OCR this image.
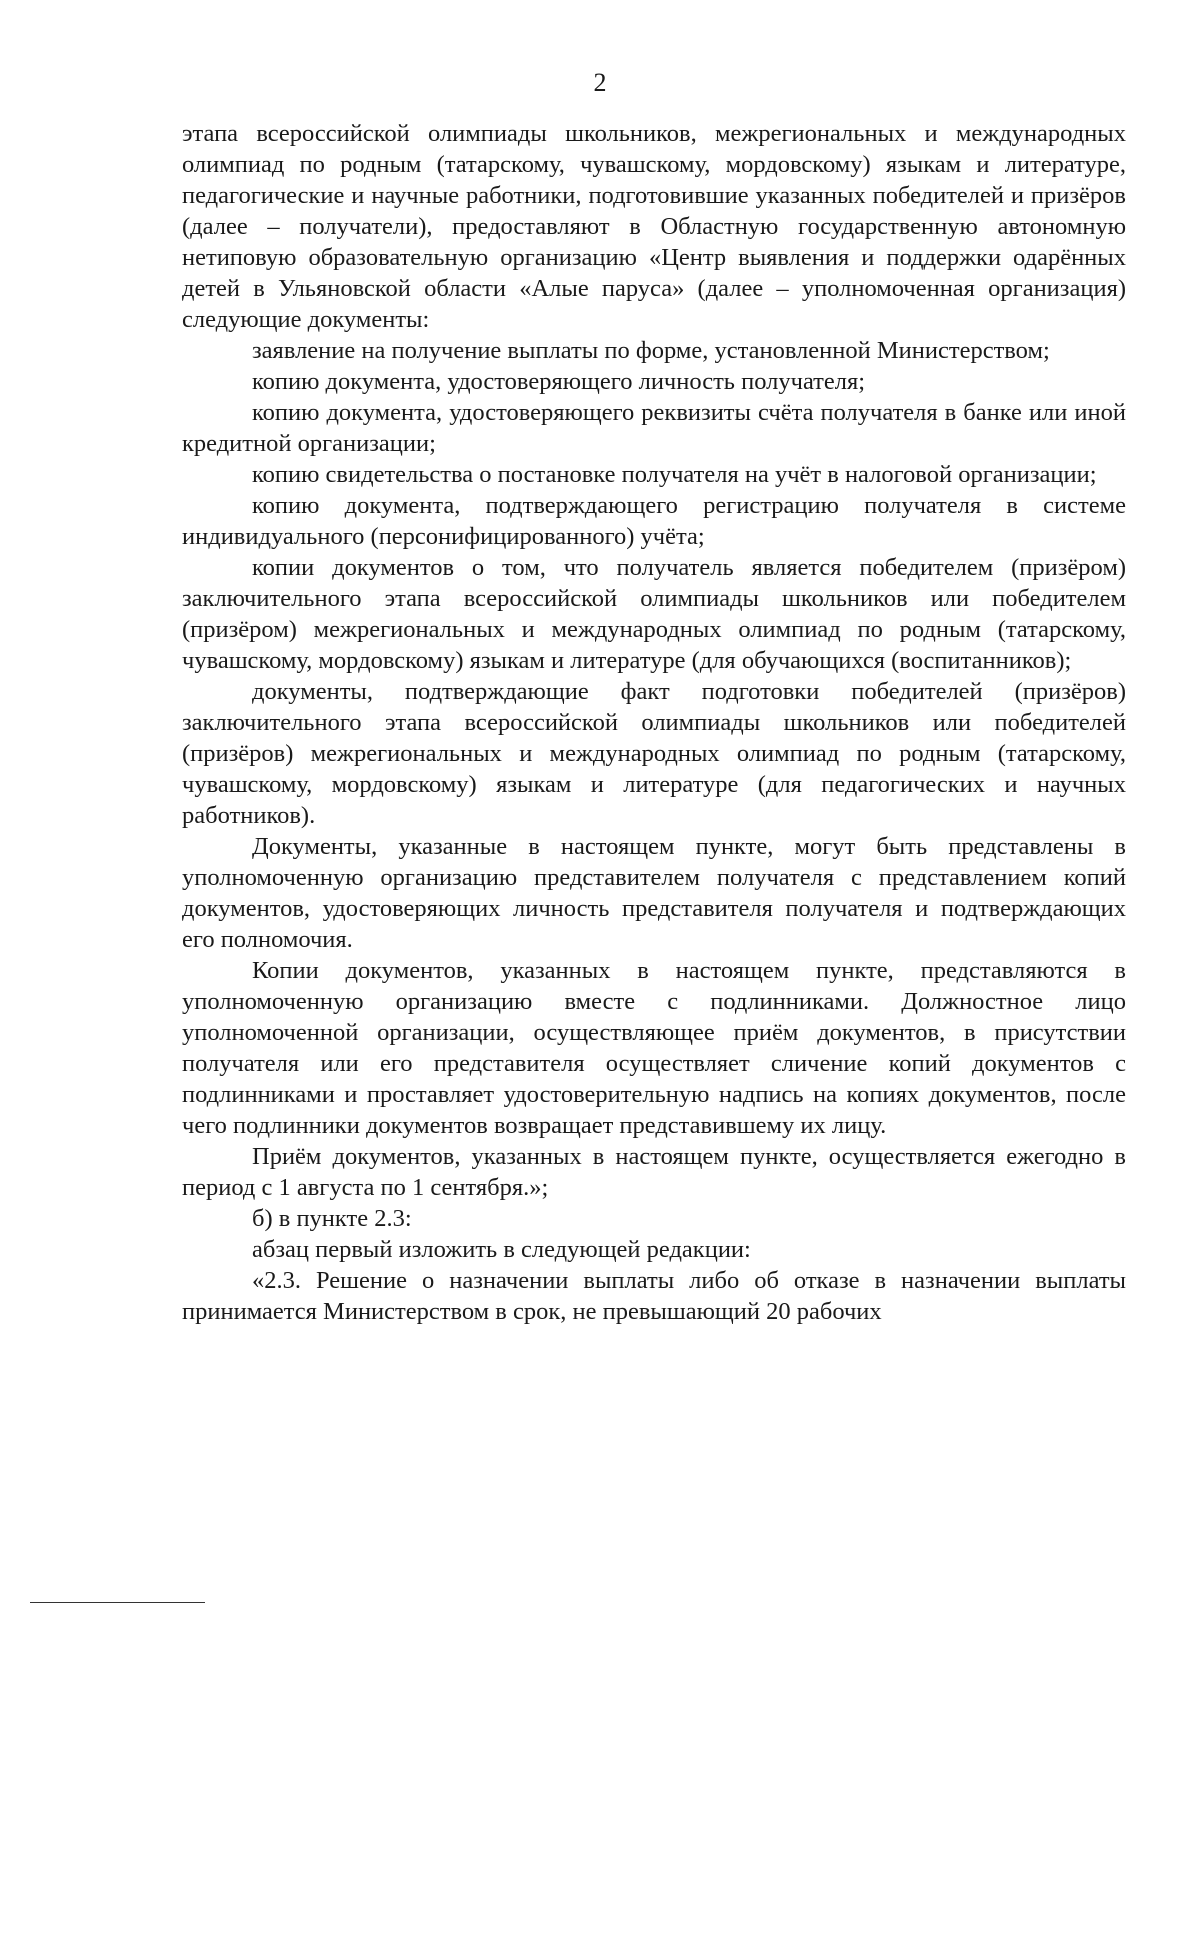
2

этапа всероссийской олимпиады школьников, межрегиональных и международных олимпиад по родным (татарскому, чувашскому, мордовскому) языкам и литературе, педагогические и научные работники, подготовившие указанных победителей и призёров (далее – получатели), предоставляют в Областную государственную автономную нетиповую образовательную организацию «Центр выявления и поддержки одарённых детей в Ульяновской области «Алые паруса» (далее – уполномоченная организация) следующие документы:

заявление на получение выплаты по форме, установленной Министерством;

копию документа, удостоверяющего личность получателя;

копию документа, удостоверяющего реквизиты счёта получателя в банке или иной кредитной организации;

копию свидетельства о постановке получателя на учёт в налоговой организации;

копию документа, подтверждающего регистрацию получателя в системе индивидуального (персонифицированного) учёта;

копии документов о том, что получатель является победителем (призёром) заключительного этапа всероссийской олимпиады школьников или победителем (призёром) межрегиональных и международных олимпиад по родным (татарскому, чувашскому, мордовскому) языкам и литературе (для обучающихся (воспитанников);

документы, подтверждающие факт подготовки победителей (призёров) заключительного этапа всероссийской олимпиады школьников или победителей (призёров) межрегиональных и международных олимпиад по родным (татарскому, чувашскому, мордовскому) языкам и литературе (для педагогических и научных работников).

Документы, указанные в настоящем пункте, могут быть представлены в уполномоченную организацию представителем получателя с представлением копий документов, удостоверяющих личность представителя получателя и подтверждающих его полномочия.

Копии документов, указанных в настоящем пункте, представляются в уполномоченную организацию вместе с подлинниками. Должностное лицо уполномоченной организации, осуществляющее приём документов, в присутствии получателя или его представителя осуществляет сличение копий документов с подлинниками и проставляет удостоверительную надпись на копиях документов, после чего подлинники документов возвращает представившему их лицу.

Приём документов, указанных в настоящем пункте, осуществляется ежегодно в период с 1 августа по 1 сентября.»;

б) в пункте 2.3:

абзац первый изложить в следующей редакции:

«2.3. Решение о назначении выплаты либо об отказе в назначении выплаты принимается Министерством в срок, не превышающий 20 рабочих
